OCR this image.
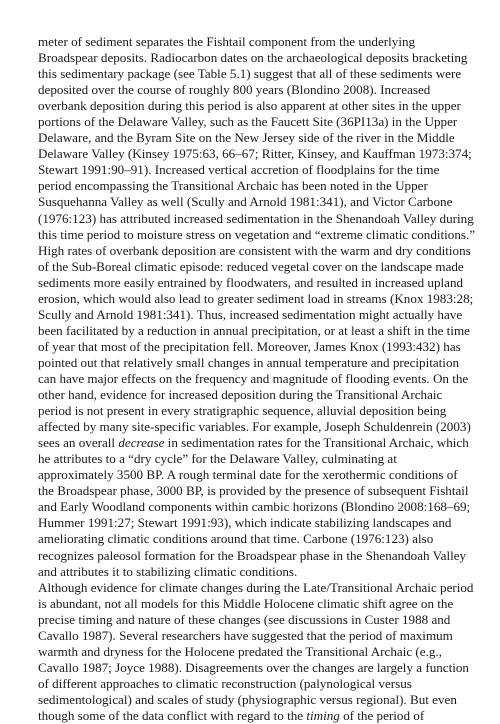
meter of sediment separates the Fishtail component from the underlying
Broadspear deposits. Radiocarbon dates on the archaeological deposits bracketing
this sedimentary package (see Table 5.1) suggest that all of these sediments were
deposited over the course of roughly 800 years (Blondino 2008). Increased
overbank deposition during this period is also apparent at other sites in the upper
portions of the Delaware Valley, such as the Faucett Site (36PI13a) in the Upper
Delaware, and the Byram Site on the New Jersey side of the river in the Middle
Delaware Valley (Kinsey 1975:63, 66–67; Ritter, Kinsey, and Kauffman 1973:374;
Stewart 1991:90–91). Increased vertical accretion of floodplains for the time
period encompassing the Transitional Archaic has been noted in the Upper
Susquehanna Valley as well (Scully and Arnold 1981:341), and Victor Carbone
(1976:123) has attributed increased sedimentation in the Shenandoah Valley during
this time period to moisture stress on vegetation and “extreme climatic conditions.”
High rates of overbank deposition are consistent with the warm and dry conditions
of the Sub-Boreal climatic episode: reduced vegetal cover on the landscape made
sediments more easily entrained by floodwaters, and resulted in increased upland
erosion, which would also lead to greater sediment load in streams (Knox 1983:28;
Scully and Arnold 1981:341). Thus, increased sedimentation might actually have
been facilitated by a reduction in annual precipitation, or at least a shift in the time
of year that most of the precipitation fell. Moreover, James Knox (1993:432) has
pointed out that relatively small changes in annual temperature and precipitation
can have major effects on the frequency and magnitude of flooding events. On the
other hand, evidence for increased deposition during the Transitional Archaic
period is not present in every stratigraphic sequence, alluvial deposition being
affected by many site-specific variables. For example, Joseph Schuldenrein (2003)
sees an overall decrease in sedimentation rates for the Transitional Archaic, which
he attributes to a “dry cycle” for the Delaware Valley, culminating at
approximately 3500 BP. A rough terminal date for the xerothermic conditions of
the Broadspear phase, 3000 BP, is provided by the presence of subsequent Fishtail
and Early Woodland components within cambic horizons (Blondino 2008:168–69;
Hummer 1991:27; Stewart 1991:93), which indicate stabilizing landscapes and
ameliorating climatic conditions around that time. Carbone (1976:123) also
recognizes paleosol formation for the Broadspear phase in the Shenandoah Valley
and attributes it to stabilizing climatic conditions.

Although evidence for climate changes during the Late/Transitional Archaic period
is abundant, not all models for this Middle Holocene climatic shift agree on the
precise timing and nature of these changes (see discussions in Custer 1988 and
Cavallo 1987). Several researchers have suggested that the period of maximum
warmth and dryness for the Holocene predated the Transitional Archaic (e.g.,
Cavallo 1987; Joyce 1988). Disagreements over the changes are largely a function
of different approaches to climatic reconstruction (palynological versus
sedimentological) and scales of study (physiographic versus regional). But even
though some of the data conflict with regard to the timing of the period of
